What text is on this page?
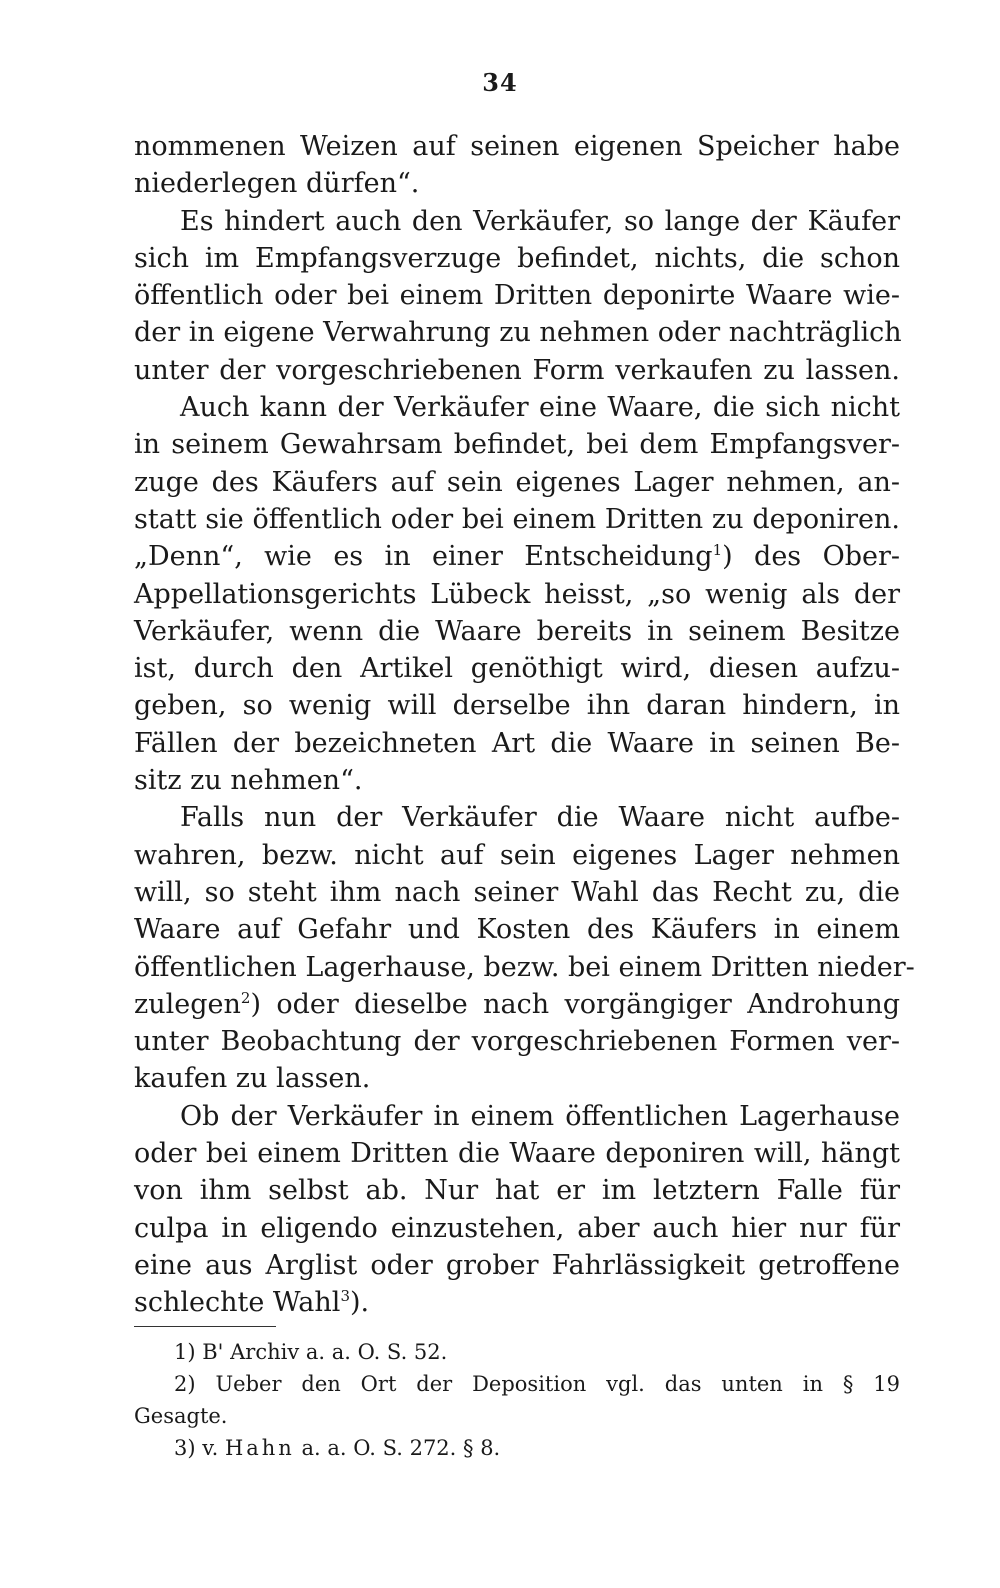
34
nommenen Weizen auf seinen eigenen Speicher habe
niederlegen dürfen“.
Es hindert auch den Verkäufer, so lange der Käufer
sich im Empfangsverzuge befindet, nichts, die schon
öffentlich oder bei einem Dritten deponirte Waare wie-
der in eigene Verwahrung zu nehmen oder nachträglich
unter der vorgeschriebenen Form verkaufen zu lassen.
Auch kann der Verkäufer eine Waare, die sich nicht
in seinem Gewahrsam befindet, bei dem Empfangsver-
zuge des Käufers auf sein eigenes Lager nehmen, an-
statt sie öffentlich oder bei einem Dritten zu deponiren.
„Denn“, wie es in einer Entscheidung$^1$) des Ober-
Appellationsgerichts Lübeck heisst, „so wenig als der
Verkäufer, wenn die Waare bereits in seinem Besitze
ist, durch den Artikel genöthigt wird, diesen aufzu-
geben, so wenig will derselbe ihn daran hindern, in
Fällen der bezeichneten Art die Waare in seinen Be-
sitz zu nehmen“.
Falls nun der Verkäufer die Waare nicht aufbe-
wahren, bezw. nicht auf sein eigenes Lager nehmen
will, so steht ihm nach seiner Wahl das Recht zu, die
Waare auf Gefahr und Kosten des Käufers in einem
öffentlichen Lagerhause, bezw. bei einem Dritten nieder-
zulegen$^2$) oder dieselbe nach vorgängiger Androhung
unter Beobachtung der vorgeschriebenen Formen ver-
kaufen zu lassen.
Ob der Verkäufer in einem öffentlichen Lagerhause
oder bei einem Dritten die Waare deponiren will, hängt
von ihm selbst ab. Nur hat er im letztern Falle für
culpa in eligendo einzustehen, aber auch hier nur für
eine aus Arglist oder grober Fahrlässigkeit getroffene
schlechte Wahl$^3$).
1) B' Archiv a. a. O. S. 52.
2) Ueber den Ort der Deposition vgl. das unten in § 19
Gesagte.
3) v. Hahn a. a. O. S. 272. § 8.
